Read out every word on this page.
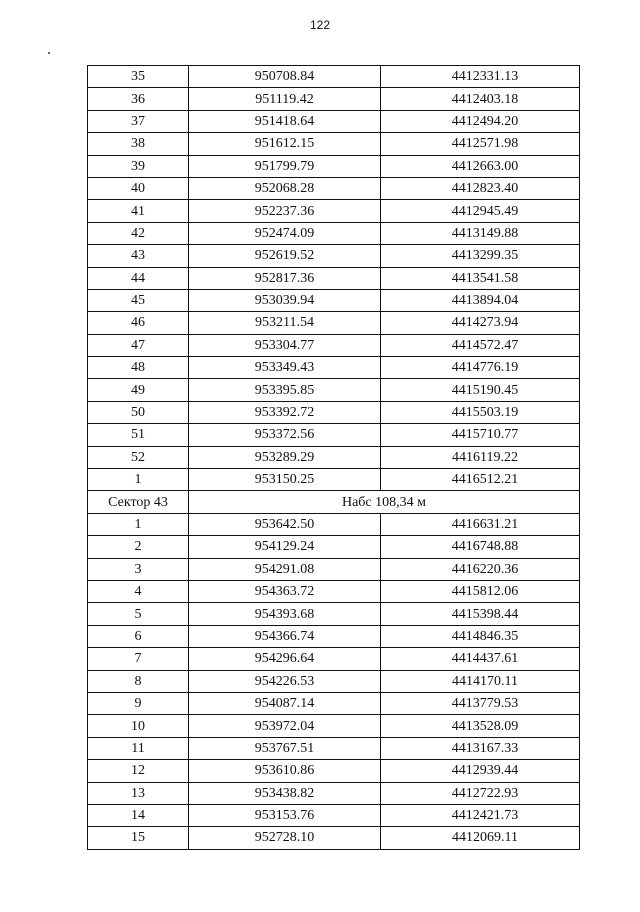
122
35	950708.84	4412331.13
36	951119.42	4412403.18
37	951418.64	4412494.20
38	951612.15	4412571.98
39	951799.79	4412663.00
40	952068.28	4412823.40
41	952237.36	4412945.49
42	952474.09	4413149.88
43	952619.52	4413299.35
44	952817.36	4413541.58
45	953039.94	4413894.04
46	953211.54	4414273.94
47	953304.77	4414572.47
48	953349.43	4414776.19
49	953395.85	4415190.45
50	953392.72	4415503.19
51	953372.56	4415710.77
52	953289.29	4416119.22
1	953150.25	4416512.21
Сектор 43	Набс 108,34 м	
1	953642.50	4416631.21
2	954129.24	4416748.88
3	954291.08	4416220.36
4	954363.72	4415812.06
5	954393.68	4415398.44
6	954366.74	4414846.35
7	954296.64	4414437.61
8	954226.53	4414170.11
9	954087.14	4413779.53
10	953972.04	4413528.09
11	953767.51	4413167.33
12	953610.86	4412939.44
13	953438.82	4412722.93
14	953153.76	4412421.73
15	952728.10	4412069.11
